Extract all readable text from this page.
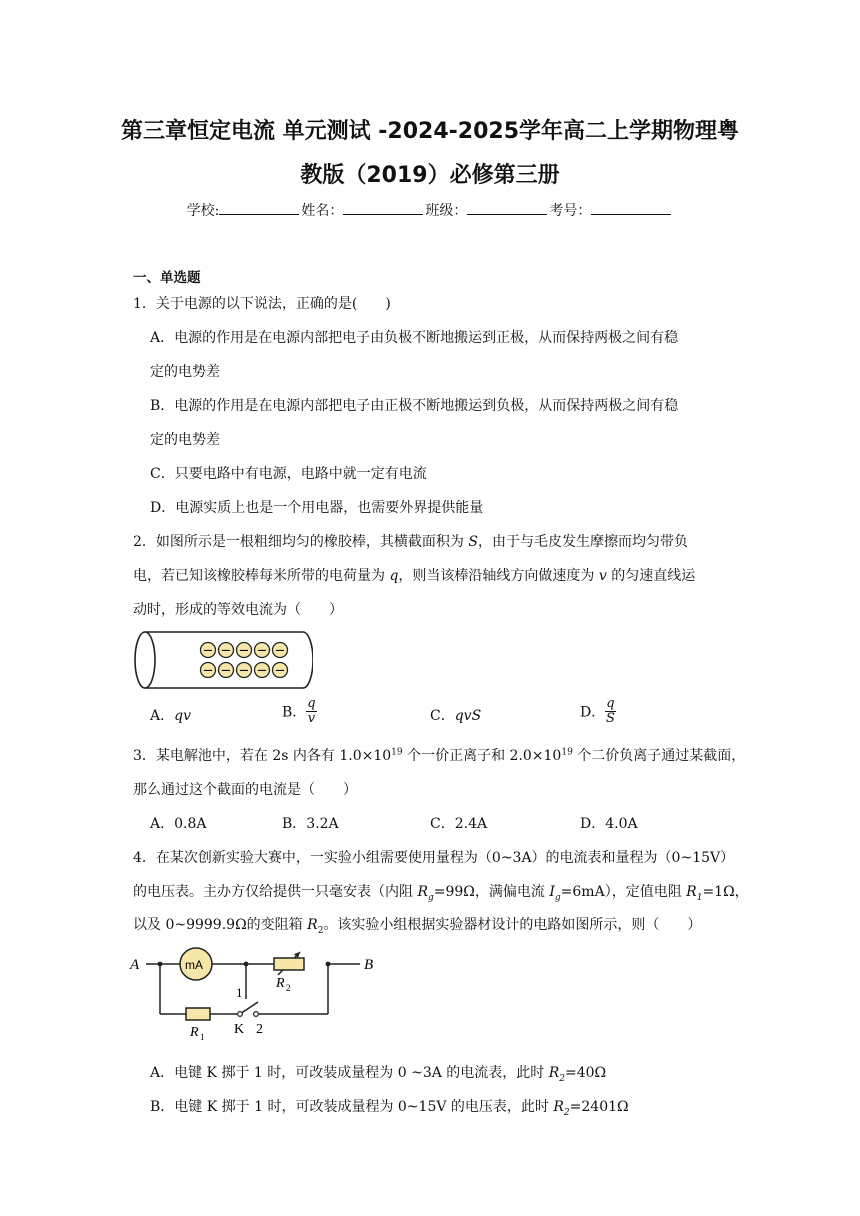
第三章恒定电流 单元测试 -2024-2025学年高二上学期物理粤
教版（2019）必修第三册
学校:	姓名：	班级：	考号：
一、单选题
1．关于电源的以下说法，正确的是(　　)
A．电源的作用是在电源内部把电子由负极不断地搬运到正极，从而保持两极之间有稳
定的电势差
B．电源的作用是在电源内部把电子由正极不断地搬运到负极，从而保持两极之间有稳
定的电势差
C．只要电路中有电源，电路中就一定有电流
D．电源实质上也是一个用电器，也需要外界提供能量
2．如图所示是一根粗细均匀的橡胶棒，其横截面积为 S，由于与毛皮发生摩擦而均匀带负
电，若已知该橡胶棒每米所带的电荷量为 q，则当该棒沿轴线方向做速度为 v 的匀速直线运
动时，形成的等效电流为（　　）
− − − − −
− − − − −
A．qv	B． $\frac{q}{v}$	C．qvS	D． $\frac{q}{S}$
3．某电解池中，若在 2s 内各有 $1.0\times 10^{19}$ 个一价正离子和 $2.0\times 10^{19}$ 个二价负离子通过某截面，
那么通过这个截面的电流是（　　）
A．0.8A	B．3.2A	C．2.4A	D．4.0A
4．在某次创新实验大赛中，一实验小组需要使用量程为（0~3A）的电流表和量程为（0~15V）
的电压表。主办方仅给提供一只毫安表（内阻 $R_g=99\Omega$，满偏电流 $I_g=6mA$），定值电阻 $R_1=1\Omega$，
以及 0~9999.9Ω的变阻箱 $R_2$。该实验小组根据实验器材设计的电路如图所示，则（　　）
A	B
mA
R 2
R 1
1
K 2
A．电键 K 掷于 1 时，可改装成量程为 0 ~3A 的电流表，此时 $R_2=40\Omega$
B．电键 K 掷于 1 时，可改装成量程为 0~15V 的电压表，此时 $R_2=2401\Omega$
